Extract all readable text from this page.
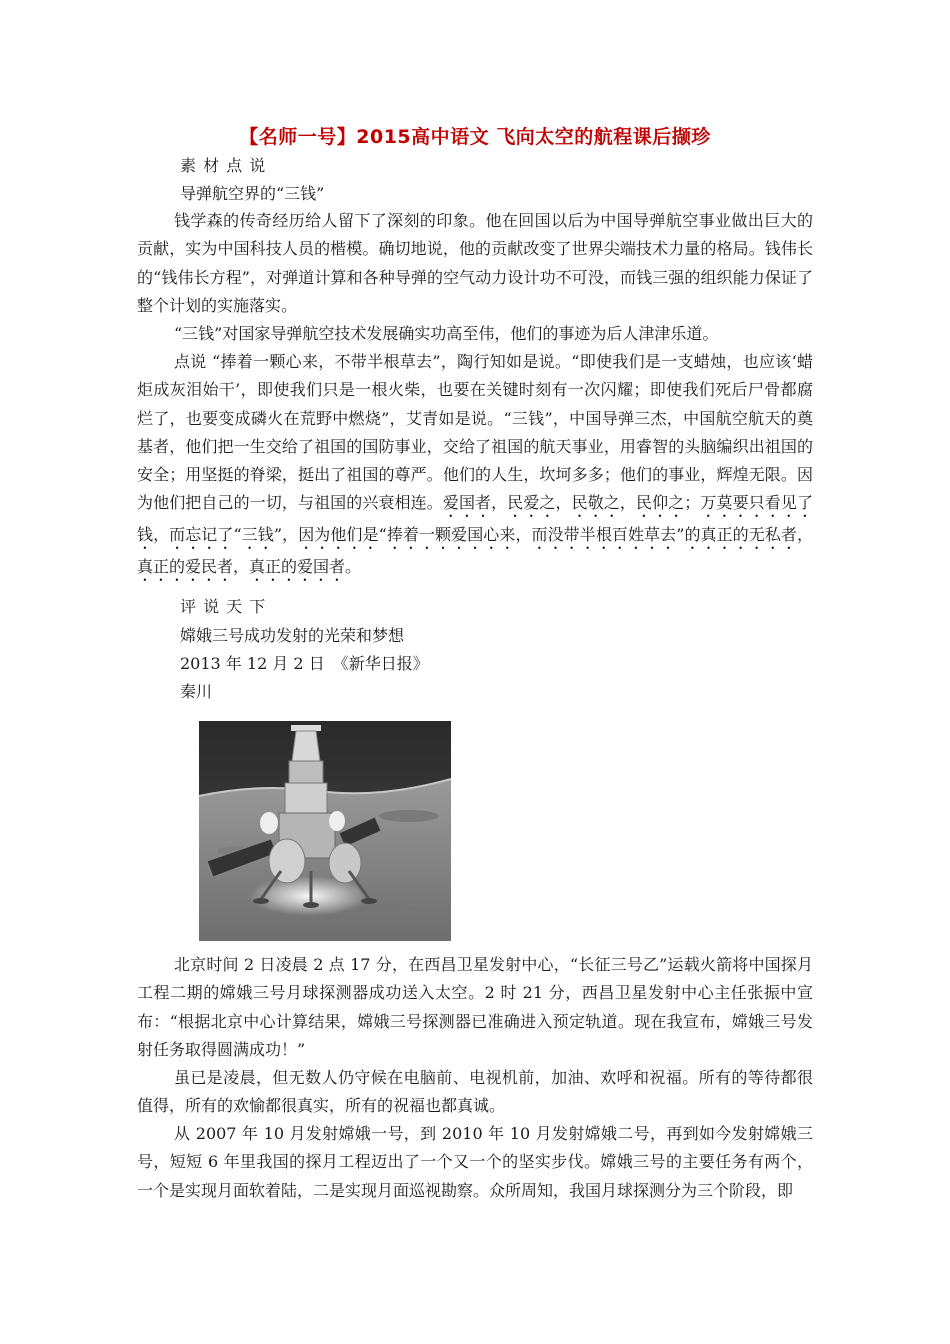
【名师一号】2015高中语文 飞向太空的航程课后撷珍
素 材 点 说
导弹航空界的“三钱”
钱学森的传奇经历给人留下了深刻的印象。他在回国以后为中国导弹航空事业做出巨大的贡献，实为中国科技人员的楷模。确切地说，他的贡献改变了世界尖端技术力量的格局。钱伟长的“钱伟长方程”，对弹道计算和各种导弹的空气动力设计功不可没，而钱三强的组织能力保证了整个计划的实施落实。
“三钱”对国家导弹航空技术发展确实功高至伟，他们的事迹为后人津津乐道。
点说 “捧着一颗心来，不带半根草去”，陶行知如是说。“即使我们是一支蜡烛，也应该‘蜡炬成灰泪始干’，即使我们只是一根火柴，也要在关键时刻有一次闪耀；即使我们死后尸骨都腐烂了，也要变成磷火在荒野中燃烧”，艾青如是说。“三钱”，中国导弹三杰，中国航空航天的奠基者，他们把一生交给了祖国的国防事业，交给了祖国的航天事业，用睿智的头脑编织出祖国的安全；用坚挺的脊梁，挺出了祖国的尊严。他们的人生，坎坷多多；他们的事业，辉煌无限。因为他们把自己的一切，与祖国的兴衰相连。爱国者，民爱之，民敬之，民仰之；万莫要只看见了钱，而忘记了“三钱”，因为他们是“捧着一颗爱国心来，而没带半根百姓草去”的真正的无私者，真正的爱民者，真正的爱国者。
评 说 天 下
嫦娥三号成功发射的光荣和梦想
2013 年 12 月 2 日　《新华日报》
秦川
北京时间 2 日凌晨 2 点 17 分，在西昌卫星发射中心，“长征三号乙”运载火箭将中国探月工程二期的嫦娥三号月球探测器成功送入太空。2 时 21 分，西昌卫星发射中心主任张振中宣布：“根据北京中心计算结果，嫦娥三号探测器已准确进入预定轨道。现在我宣布，嫦娥三号发射任务取得圆满成功！”
虽已是凌晨，但无数人仍守候在电脑前、电视机前，加油、欢呼和祝福。所有的等待都很值得，所有的欢愉都很真实，所有的祝福也都真诚。
从 2007 年 10 月发射嫦娥一号，到 2010 年 10 月发射嫦娥二号，再到如今发射嫦娥三号，短短 6 年里我国的探月工程迈出了一个又一个的坚实步伐。嫦娥三号的主要任务有两个，一个是实现月面软着陆，二是实现月面巡视勘察。众所周知，我国月球探测分为三个阶段，即
